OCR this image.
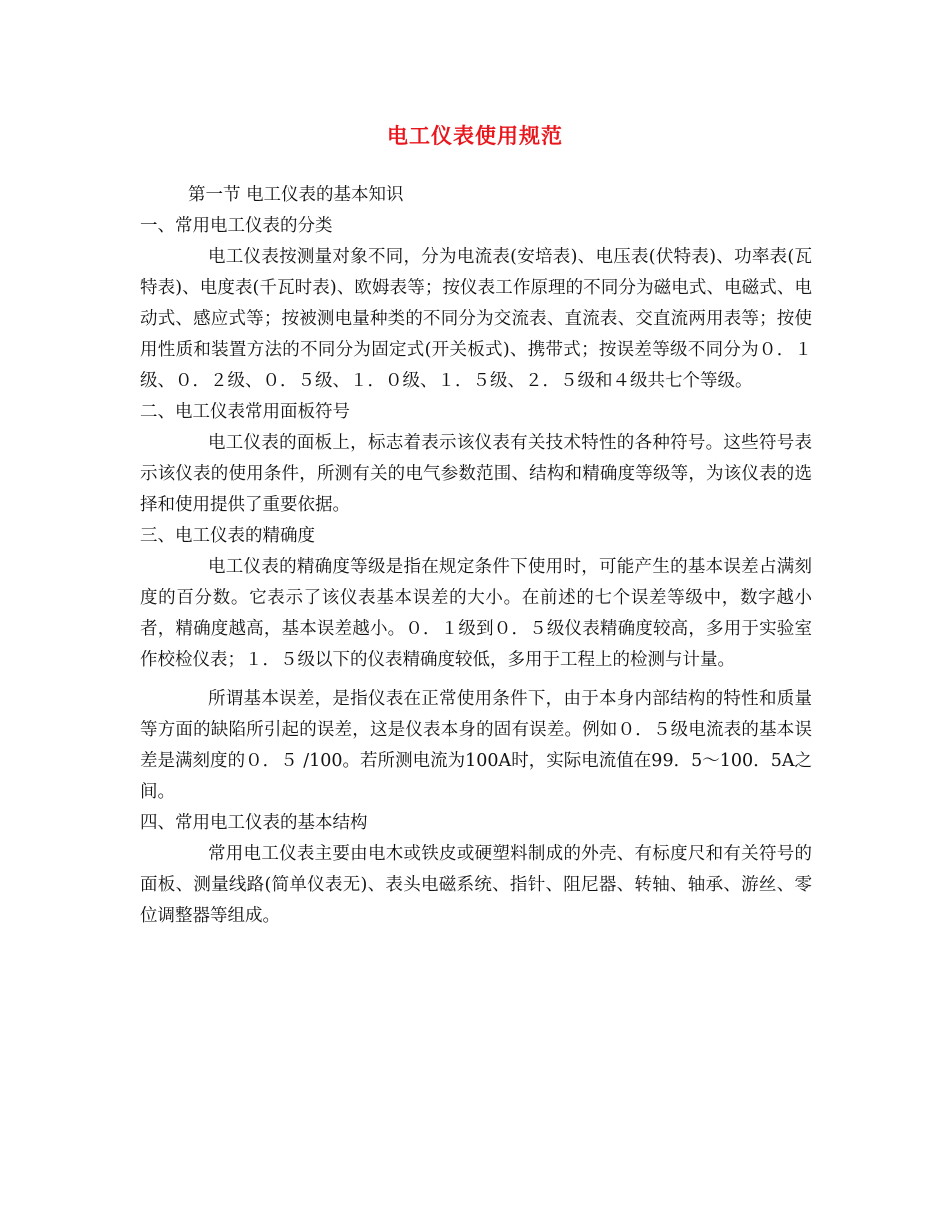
电工仪表使用规范

第一节 电工仪表的基本知识

一、常用电工仪表的分类

电工仪表按测量对象不同，分为电流表(安培表)、电压表(伏特表)、功率表(瓦特表)、电度表(千瓦时表)、欧姆表等；按仪表工作原理的不同分为磁电式、电磁式、电动式、感应式等；按被测电量种类的不同分为交流表、直流表、交直流两用表等；按使用性质和装置方法的不同分为固定式(开关板式)、携带式；按误差等级不同分为０．１级、０．２级、０．５级、１．０级、１．５级、２．５级和４级共七个等级。

二、电工仪表常用面板符号

电工仪表的面板上，标志着表示该仪表有关技术特性的各种符号。这些符号表示该仪表的使用条件，所测有关的电气参数范围、结构和精确度等级等，为该仪表的选择和使用提供了重要依据。

三、电工仪表的精确度

电工仪表的精确度等级是指在规定条件下使用时，可能产生的基本误差占满刻度的百分数。它表示了该仪表基本误差的大小。在前述的七个误差等级中，数字越小者，精确度越高，基本误差越小。０．１级到０．５级仪表精确度较高，多用于实验室作校检仪表；１．５级以下的仪表精确度较低，多用于工程上的检测与计量。

所谓基本误差，是指仪表在正常使用条件下，由于本身内部结构的特性和质量等方面的缺陷所引起的误差，这是仪表本身的固有误差。例如０．５级电流表的基本误差是满刻度的０．５ /100。若所测电流为100A时，实际电流值在99．5～100．5A之间。

四、常用电工仪表的基本结构

常用电工仪表主要由电木或铁皮或硬塑料制成的外壳、有标度尺和有关符号的面板、测量线路(简单仪表无)、表头电磁系统、指针、阻尼器、转轴、轴承、游丝、零位调整器等组成。
